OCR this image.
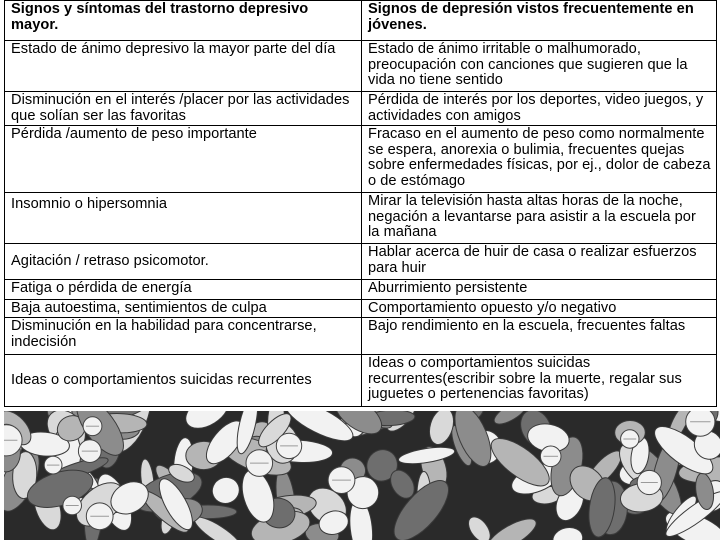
Signos y síntomas del trastorno depresivo mayor.	Signos de depresión vistos frecuentemente en jóvenes.
Estado de ánimo depresivo la mayor parte del día	Estado de ánimo irritable o malhumorado, preocupación con canciones que sugieren que la vida no tiene sentido
Disminución en el interés /placer por las actividades que solían ser las favoritas	Pérdida de interés por los deportes, video juegos, y actividades con amigos
Pérdida /aumento de peso importante	Fracaso en el aumento de peso como normalmente se espera, anorexia o bulimia, frecuentes quejas sobre enfermedades físicas, por ej., dolor de cabeza o de estómago
Insomnio o hipersomnia	Mirar la televisión hasta altas horas de la noche, negación a levantarse para asistir a la escuela por la mañana
Agitación / retraso psicomotor.	Hablar acerca de huir de casa o realizar esfuerzos para huir
Fatiga o pérdida de energía	Aburrimiento persistente
Baja autoestima, sentimientos de culpa	Comportamiento opuesto y/o negativo
Disminución en la habilidad para concentrarse, indecisión	Bajo rendimiento en la escuela, frecuentes faltas
Ideas o comportamientos suicidas recurrentes	Ideas o comportamientos suicidas recurrentes(escribir sobre la muerte, regalar sus juguetes o pertenencias favoritas)
